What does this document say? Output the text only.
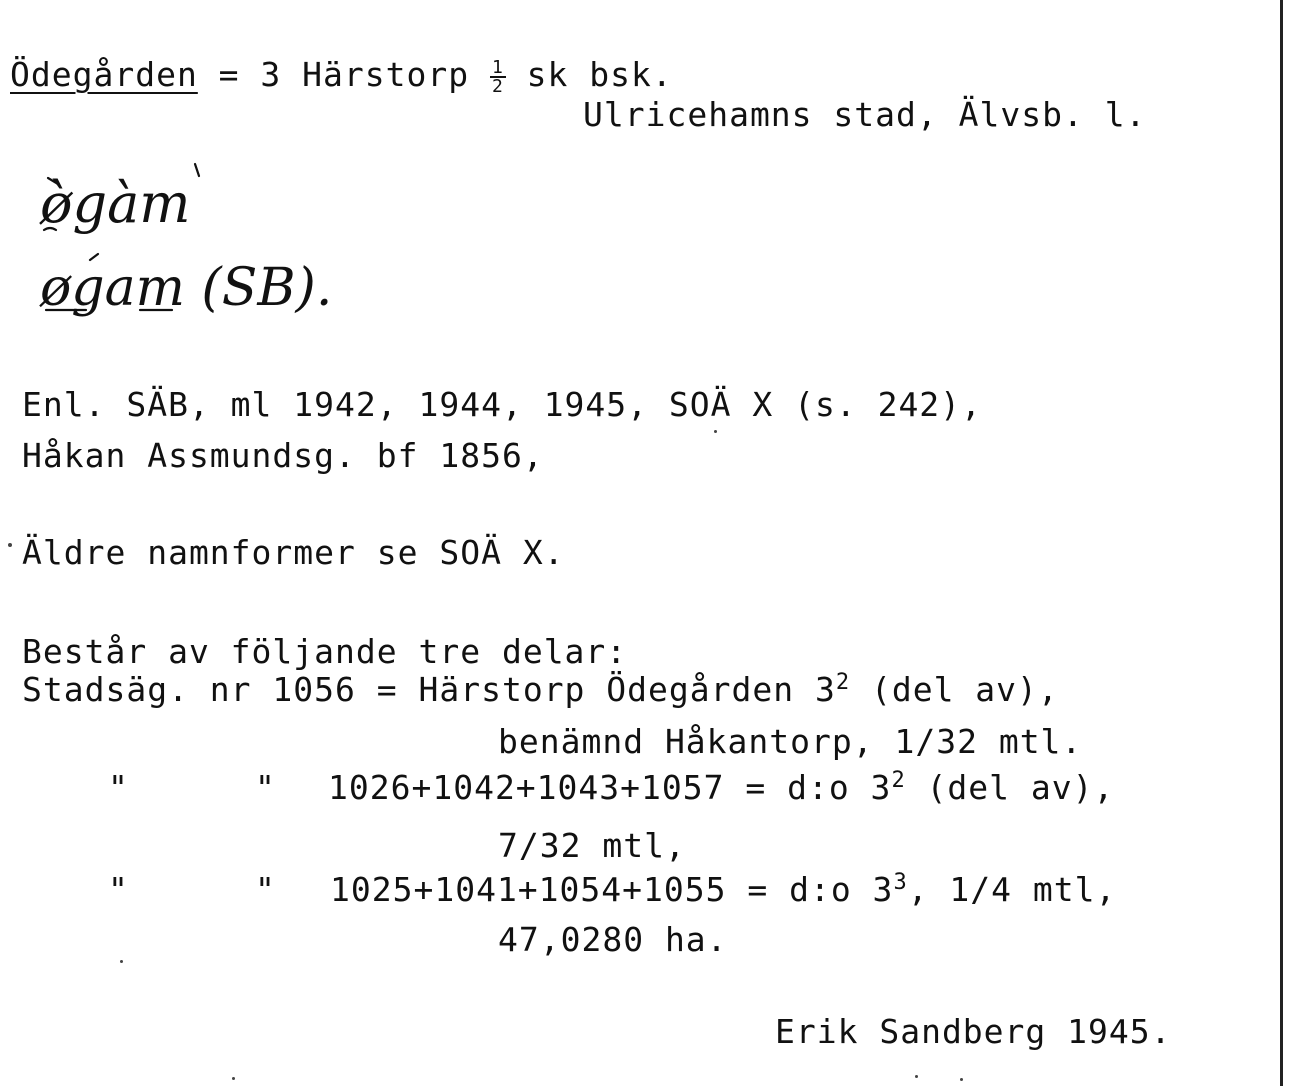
Ödegården = 3 Härstorp $\frac{1}{2}$ sk bsk.
Ulricehamns stad, Älvsb. l.
ø̀gàm
øgam (SB).
Enl. SÄB, ml 1942, 1944, 1945, SOÄ X (s. 242),
Håkan Assmundsg. bf 1856,
Äldre namnformer se SOÄ X.
Består av följande tre delar:
Stadsäg. nr 1056 = Härstorp Ödegården $3^2$ (del av),
benämnd Håkantorp, 1/32 mtl.
"	" 1026+1042+1043+1057 = d:o $3^2$ (del av),
7/32 mtl,
"	" 1025+1041+1054+1055 = d:o $3^3$, 1/4 mtl,
47,0280 ha.
Erik Sandberg 1945.
